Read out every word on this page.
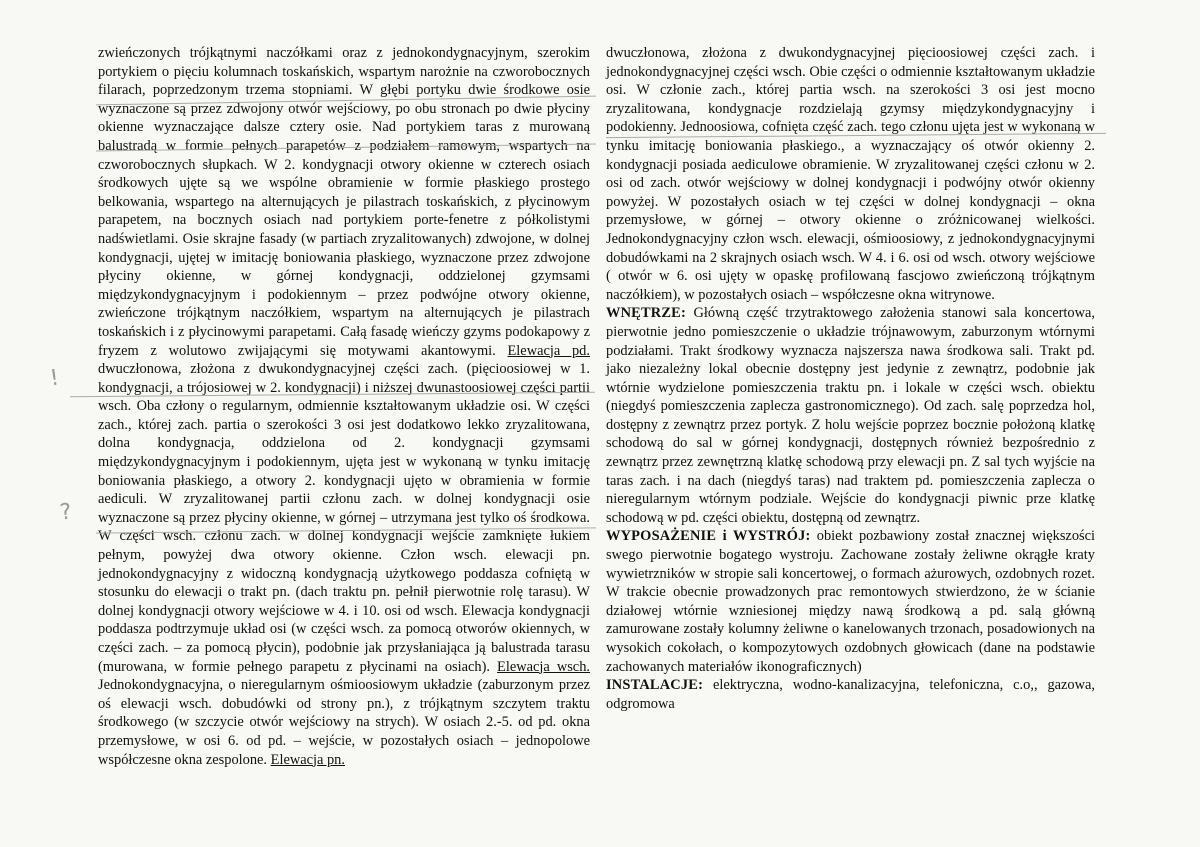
zwieńczonych trójkątnymi naczółkami oraz z jednokondygnacyjnym, szerokim portykiem o pięciu kolumnach toskańskich, wspartym narożnie na czworobocznych filarach, poprzedzonym trzema stopniami. W głębi portyku dwie środkowe osie wyznaczone są przez zdwojony otwór wejściowy, po obu stronach po dwie płyciny okienne wyznaczające dalsze cztery osie. Nad portykiem taras z murowaną balustradą w formie pełnych parapetów z podziałem ramowym, wspartych na czworobocznych słupkach. W 2. kondygnacji otwory okienne w czterech osiach środkowych ujęte są we wspólne obramienie w formie płaskiego prostego belkowania, wspartego na alternujących je pilastrach toskańskich, z płycinowym parapetem, na bocznych osiach nad portykiem porte-fenetre z półkolistymi nadświetlami. Osie skrajne fasady (w partiach zryzalitowanych) zdwojone, w dolnej kondygnacji, ujętej w imitację boniowania płaskiego, wyznaczone przez zdwojone płyciny okienne, w górnej kondygnacji, oddzielonej gzymsami międzykondygnacyjnym i podokiennym – przez podwójne otwory okienne, zwieńczone trójkątnym naczółkiem, wspartym na alternujących je pilastrach toskańskich i z płycinowymi parapetami. Całą fasadę wieńczy gzyms podokapowy z fryzem z wolutowo zwijającymi się motywami akantowymi. Elewacja pd. dwuczłonowa, złożona z dwukondygnacyjnej części zach. (pięcioosiowej w 1. kondygnacji, a trójosiowej w 2. kondygnacji) i niższej dwunastoosiowej części partii wsch. Oba człony o regularnym, odmiennie kształtowanym układzie osi. W części zach., której zach. partia o szerokości 3 osi jest dodatkowo lekko zryzalitowana, dolna kondygnacja, oddzielona od 2. kondygnacji gzymsami międzykondygnacyjnym i podokiennym, ujęta jest w wykonaną w tynku imitację boniowania płaskiego, a otwory 2. kondygnacji ujęto w obramienia w formie aediculi. W zryzalitowanej partii członu zach. w dolnej kondygnacji osie wyznaczone są przez płyciny okienne, w górnej – utrzymana jest tylko oś środkowa. W części wsch. członu zach. w dolnej kondygnacji wejście zamknięte łukiem pełnym, powyżej dwa otwory okienne. Człon wsch. elewacji pn. jednokondygnacyjny z widoczną kondygnacją użytkowego poddasza cofniętą w stosunku do elewacji o trakt pn. (dach traktu pn. pełnił pierwotnie rolę tarasu). W dolnej kondygnacji otwory wejściowe w 4. i 10. osi od wsch. Elewacja kondygnacji poddasza podtrzymuje układ osi (w części wsch. za pomocą otworów okiennych, w części zach. – za pomocą płycin), podobnie jak przysłaniająca ją balustrada tarasu (murowana, w formie pełnego parapetu z płycinami na osiach). Elewacja wsch. Jednokondygnacyjna, o nieregularnym ośmioosiowym układzie (zaburzonym przez oś elewacji wsch. dobudówki od strony pn.), z trójkątnym szczytem traktu środkowego (w szczycie otwór wejściowy na strych). W osiach 2.-5. od pd. okna przemysłowe, w osi 6. od pd. – wejście, w pozostałych osiach – jednopolowe współczesne okna zespolone. Elewacja pn.

dwuczłonowa, złożona z dwukondygnacyjnej pięcioosiowej części zach. i jednokondygnacyjnej części wsch. Obie części o odmiennie kształtowanym układzie osi. W członie zach., której partia wsch. na szerokości 3 osi jest mocno zryzalitowana, kondygnacje rozdzielają gzymsy międzykondygnacyjny i podokienny. Jednoosiowa, cofnięta część zach. tego członu ujęta jest w wykonaną w tynku imitację boniowania płaskiego., a wyznaczający oś otwór okienny 2. kondygnacji posiada aediculowe obramienie. W zryzalitowanej części członu w 2. osi od zach. otwór wejściowy w dolnej kondygnacji i podwójny otwór okienny powyżej. W pozostałych osiach w tej części w dolnej kondygnacji – okna przemysłowe, w górnej – otwory okienne o zróżnicowanej wielkości. Jednokondygnacyjny człon wsch. elewacji, ośmioosiowy, z jednokondygnacyjnymi dobudówkami na 2 skrajnych osiach wsch. W 4. i 6. osi od wsch. otwory wejściowe ( otwór w 6. osi ujęty w opaskę profilowaną fascjowo zwieńczoną trójkątnym naczółkiem), w pozostałych osiach – współczesne okna witrynowe.

WNĘTRZE: Główną część trzytraktowego założenia stanowi sala koncertowa, pierwotnie jedno pomieszczenie o układzie trójnawowym, zaburzonym wtórnymi podziałami. Trakt środkowy wyznacza najszersza nawa środkowa sali. Trakt pd. jako niezależny lokal obecnie dostępny jest jedynie z zewnątrz, podobnie jak wtórnie wydzielone pomieszczenia traktu pn. i lokale w części wsch. obiektu (niegdyś pomieszczenia zaplecza gastronomicznego). Od zach. salę poprzedza hol, dostępny z zewnątrz przez portyk. Z holu wejście poprzez bocznie położoną klatkę schodową do sal w górnej kondygnacji, dostępnych również bezpośrednio z zewnątrz przez zewnętrzną klatkę schodową przy elewacji pn. Z sal tych wyjście na taras zach. i na dach (niegdyś taras) nad traktem pd. pomieszczenia zaplecza o nieregularnym wtórnym podziale. Wejście do kondygnacji piwnic prze klatkę schodową w pd. części obiektu, dostępną od zewnątrz.

WYPOSAŻENIE i WYSTRÓJ: obiekt pozbawiony został znacznej większości swego pierwotnie bogatego wystroju. Zachowane zostały żeliwne okrągłe kraty wywietrzników w stropie sali koncertowej, o formach ażurowych, ozdobnych rozet. W trakcie obecnie prowadzonych prac remontowych stwierdzono, że w ścianie działowej wtórnie wzniesionej między nawą środkową a pd. salą główną zamurowane zostały kolumny żeliwne o kanelowanych trzonach, posadowionych na wysokich cokołach, o kompozytowych ozdobnych głowicach (dane na podstawie zachowanych materiałów ikonograficznych)

INSTALACJE: elektryczna, wodno-kanalizacyjna, telefoniczna, c.o,, gazowa, odgromowa

!
?
